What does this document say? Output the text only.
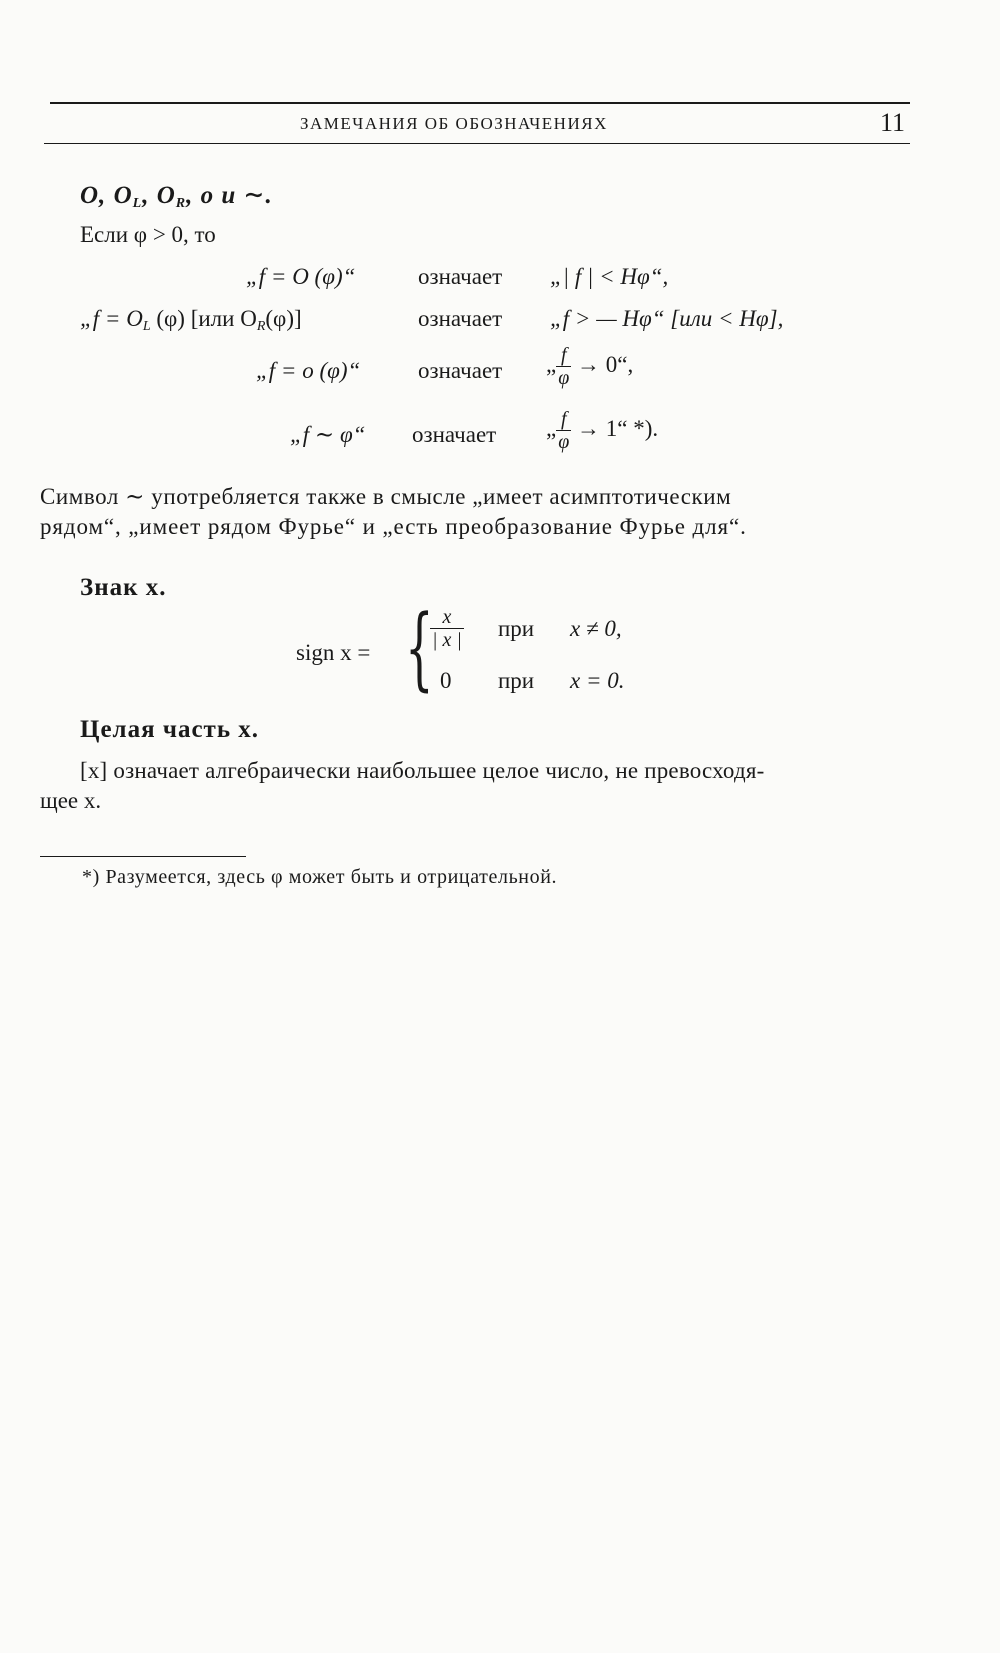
ЗАМЕЧАНИЯ ОБ ОБОЗНАЧЕНИЯХ	11
O, $O_L$, $O_R$, o и ∼.
Если φ > 0, то
„f = O (φ)“	означает „| f | < Hφ“,
„f = $O_L$ (φ) [или $O_R(\varphi)$]	означает „f > — Hφ“ [или < Hφ],
„f = o (φ)“	означает „ $\frac{f}{\varphi}$ → 0“,
„f ∼ φ“ означает „ $\frac{f}{\varphi}$ → 1“ *).
Символ ∼ употребляется также в смысле „имеет асимптотическим
рядом“, „имеет рядом Фурье“ и „есть преобразование Фурье для“.
Знак x.
sign x = {
$\frac{x}{| x |}$ при x ≠ 0,
0 при x = 0.
Целая часть x.
[x] означает алгебраически наибольшее целое число, не превосходя-
щее x.
*) Разумеется, здесь φ может быть и отрицательной.
